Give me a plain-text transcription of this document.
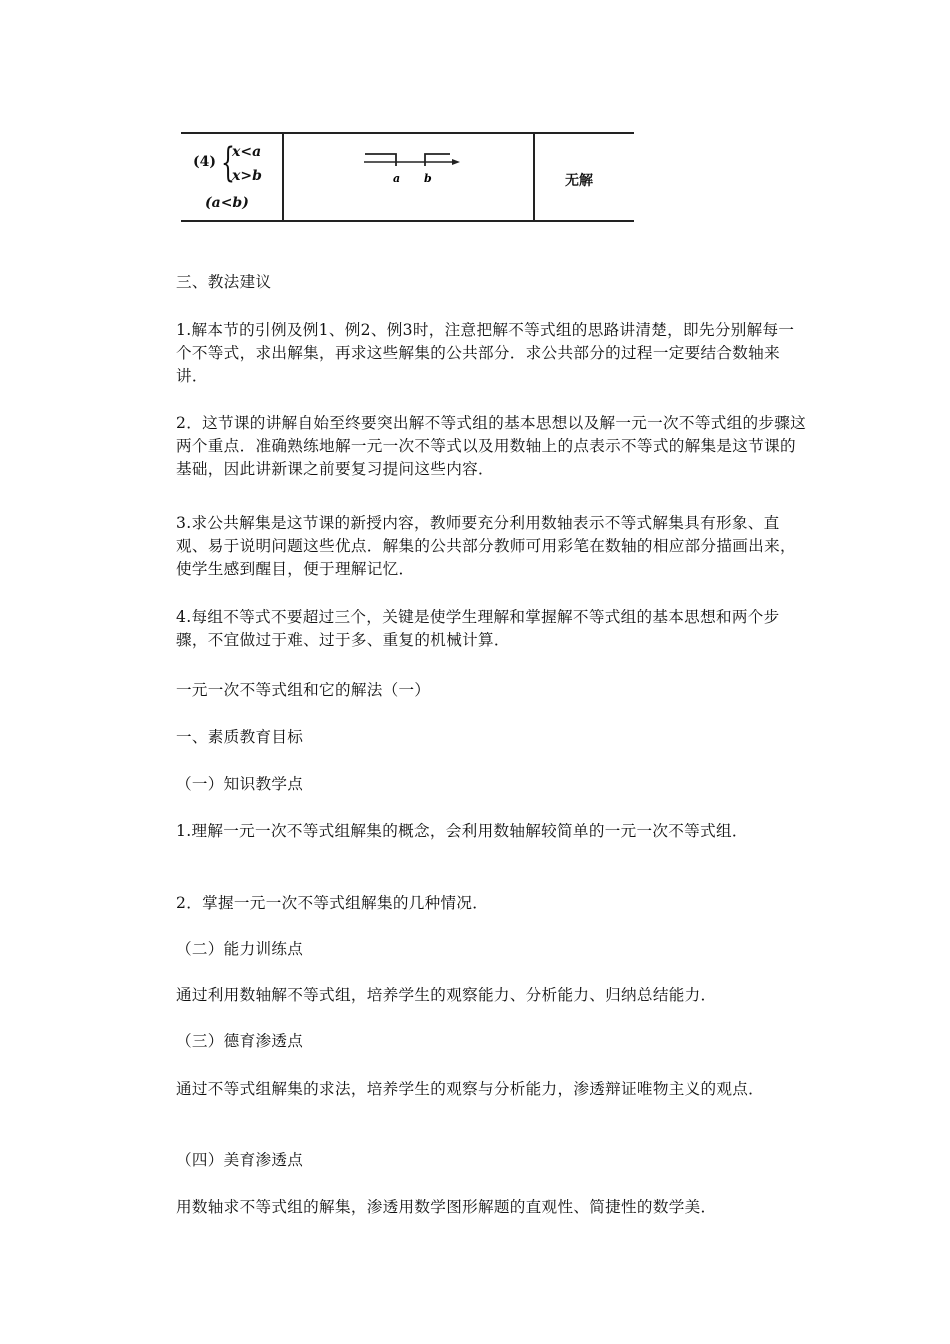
(4) {
x<a
x>b
(a<b)
a b	无解

三、教法建议

1.解本节的引例及例1、例2、例3时，注意把解不等式组的思路讲清楚，即先分别解每一个不等式，求出解集，再求这些解集的公共部分．求公共部分的过程一定要结合数轴来讲．

2．这节课的讲解自始至终要突出解不等式组的基本思想以及解一元一次不等式组的步骤这两个重点．准确熟练地解一元一次不等式以及用数轴上的点表示不等式的解集是这节课的基础，因此讲新课之前要复习提问这些内容．

3.求公共解集是这节课的新授内容，教师要充分利用数轴表示不等式解集具有形象、直观、易于说明问题这些优点．解集的公共部分教师可用彩笔在数轴的相应部分描画出来，使学生感到醒目，便于理解记忆．

4.每组不等式不要超过三个，关键是使学生理解和掌握解不等式组的基本思想和两个步骤，不宜做过于难、过于多、重复的机械计算．

一元一次不等式组和它的解法（一）

一、素质教育目标

（一）知识教学点

1.理解一元一次不等式组解集的概念，会利用数轴解较简单的一元一次不等式组．

2．掌握一元一次不等式组解集的几种情况．

（二）能力训练点

通过利用数轴解不等式组，培养学生的观察能力、分析能力、归纳总结能力．

（三）德育渗透点

通过不等式组解集的求法，培养学生的观察与分析能力，渗透辩证唯物主义的观点．

（四）美育渗透点

用数轴求不等式组的解集，渗透用数学图形解题的直观性、简捷性的数学美．
